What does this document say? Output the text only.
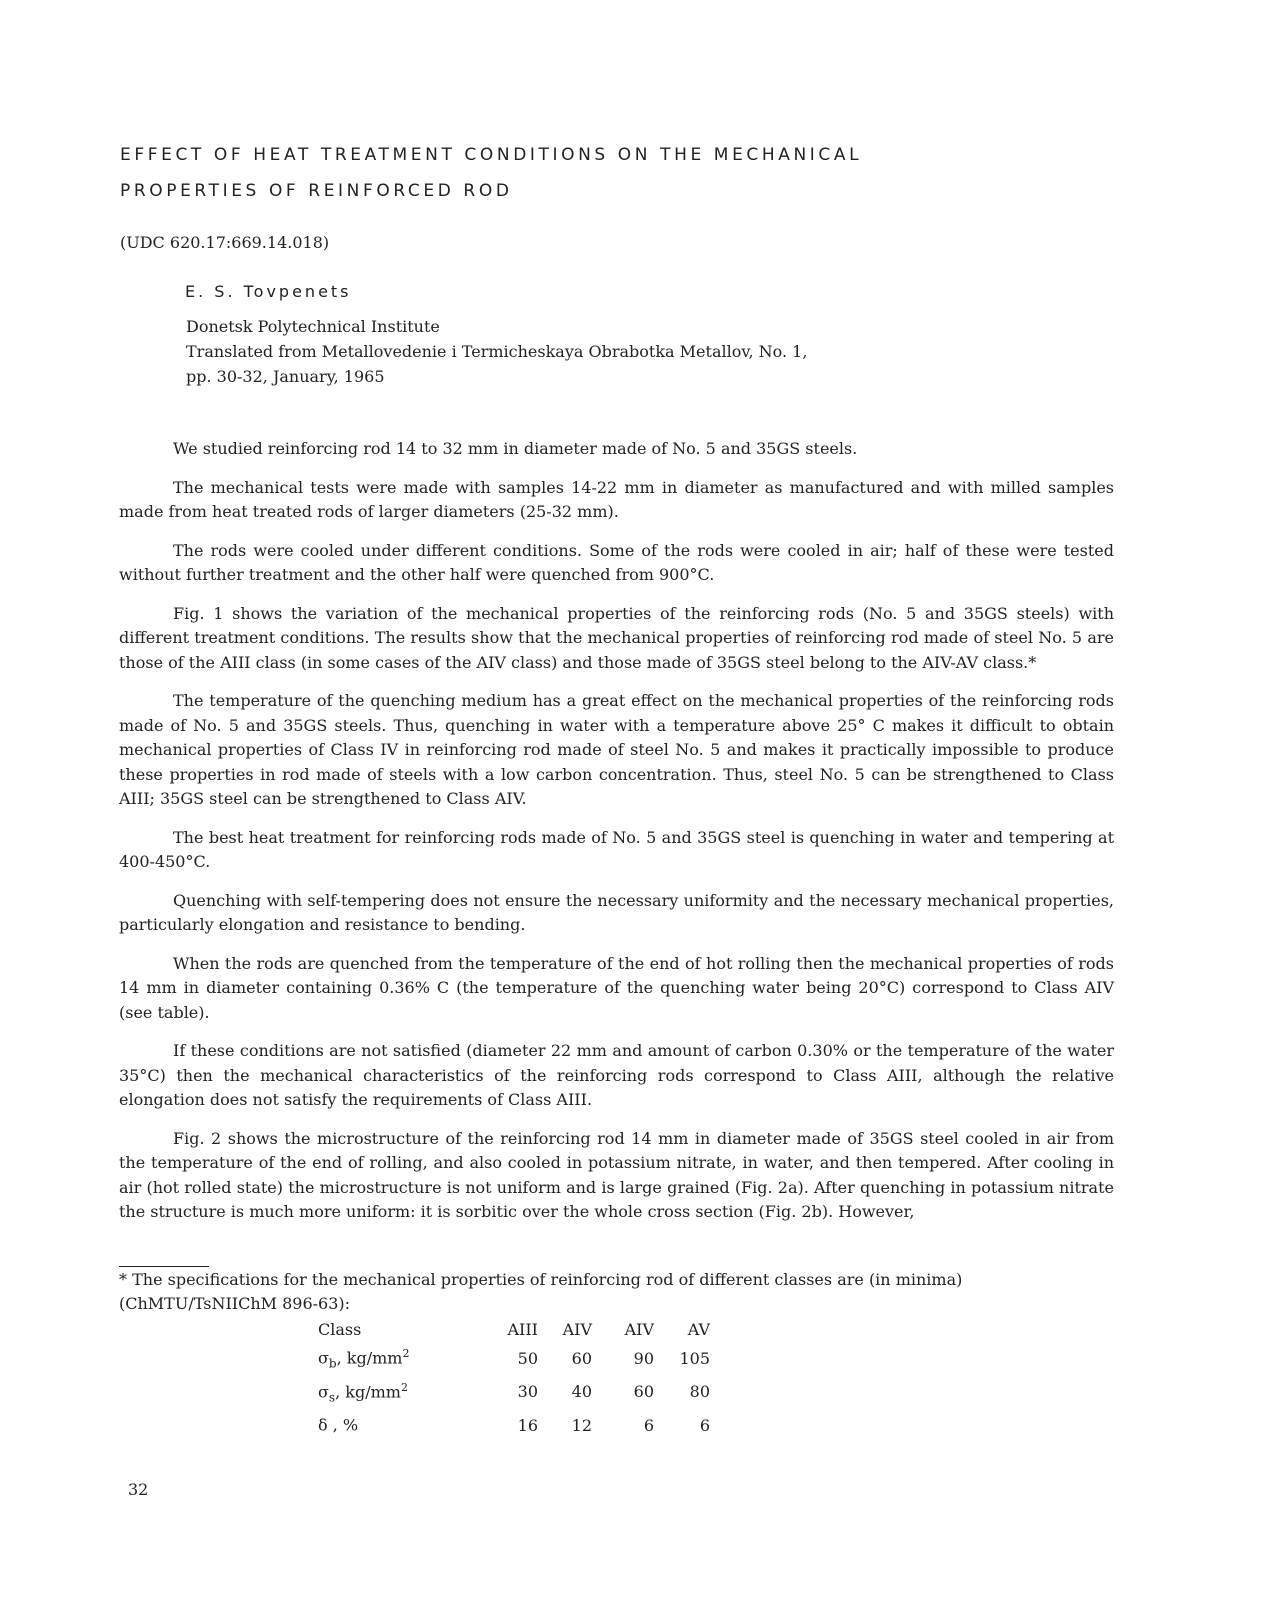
EFFECT OF HEAT TREATMENT CONDITIONS ON THE MECHANICAL
PROPERTIES OF REINFORCED ROD
(UDC 620.17:669.14.018)
E. S. Tovpenets
Donetsk Polytechnical Institute
Translated from Metallovedenie i Termicheskaya Obrabotka Metallov, No. 1,
pp. 30-32, January, 1965

We studied reinforcing rod 14 to 32 mm in diameter made of No. 5 and 35GS steels.

The mechanical tests were made with samples 14-22 mm in diameter as manufactured and with milled samples made from heat treated rods of larger diameters (25-32 mm).

The rods were cooled under different conditions. Some of the rods were cooled in air; half of these were tested without further treatment and the other half were quenched from 900°C.

Fig. 1 shows the variation of the mechanical properties of the reinforcing rods (No. 5 and 35GS steels) with different treatment conditions. The results show that the mechanical properties of reinforcing rod made of steel No. 5 are those of the AIII class (in some cases of the AIV class) and those made of 35GS steel belong to the AIV-AV class.*

The temperature of the quenching medium has a great effect on the mechanical properties of the reinforcing rods made of No. 5 and 35GS steels. Thus, quenching in water with a temperature above 25° C makes it difficult to obtain mechanical properties of Class IV in reinforcing rod made of steel No. 5 and makes it practically impossible to produce these properties in rod made of steels with a low carbon concentration. Thus, steel No. 5 can be strengthened to Class AIII; 35GS steel can be strengthened to Class AIV.

The best heat treatment for reinforcing rods made of No. 5 and 35GS steel is quenching in water and tempering at 400-450°C.

Quenching with self-tempering does not ensure the necessary uniformity and the necessary mechanical properties, particularly elongation and resistance to bending.

When the rods are quenched from the temperature of the end of hot rolling then the mechanical properties of rods 14 mm in diameter containing 0.36% C (the temperature of the quenching water being 20°C) correspond to Class AIV (see table).

If these conditions are not satisfied (diameter 22 mm and amount of carbon 0.30% or the temperature of the water 35°C) then the mechanical characteristics of the reinforcing rods correspond to Class AIII, although the relative elongation does not satisfy the requirements of Class AIII.

Fig. 2 shows the microstructure of the reinforcing rod 14 mm in diameter made of 35GS steel cooled in air from the temperature of the end of rolling, and also cooled in potassium nitrate, in water, and then tempered. After cooling in air (hot rolled state) the microstructure is not uniform and is large grained (Fig. 2a). After quenching in potassium nitrate the structure is much more uniform: it is sorbitic over the whole cross section (Fig. 2b). However,

* The specifications for the mechanical properties of reinforcing rod of different classes are (in minima) (ChMTU/TsNIIChM 896-63):
Class	AIII	AIV	AIV	AV
$\sigma_b$, $kg/mm^2$	50	60	90	105
$\sigma_s$, $kg/mm^2$	30	40	60	80
δ , %	16	12	6	6
32
